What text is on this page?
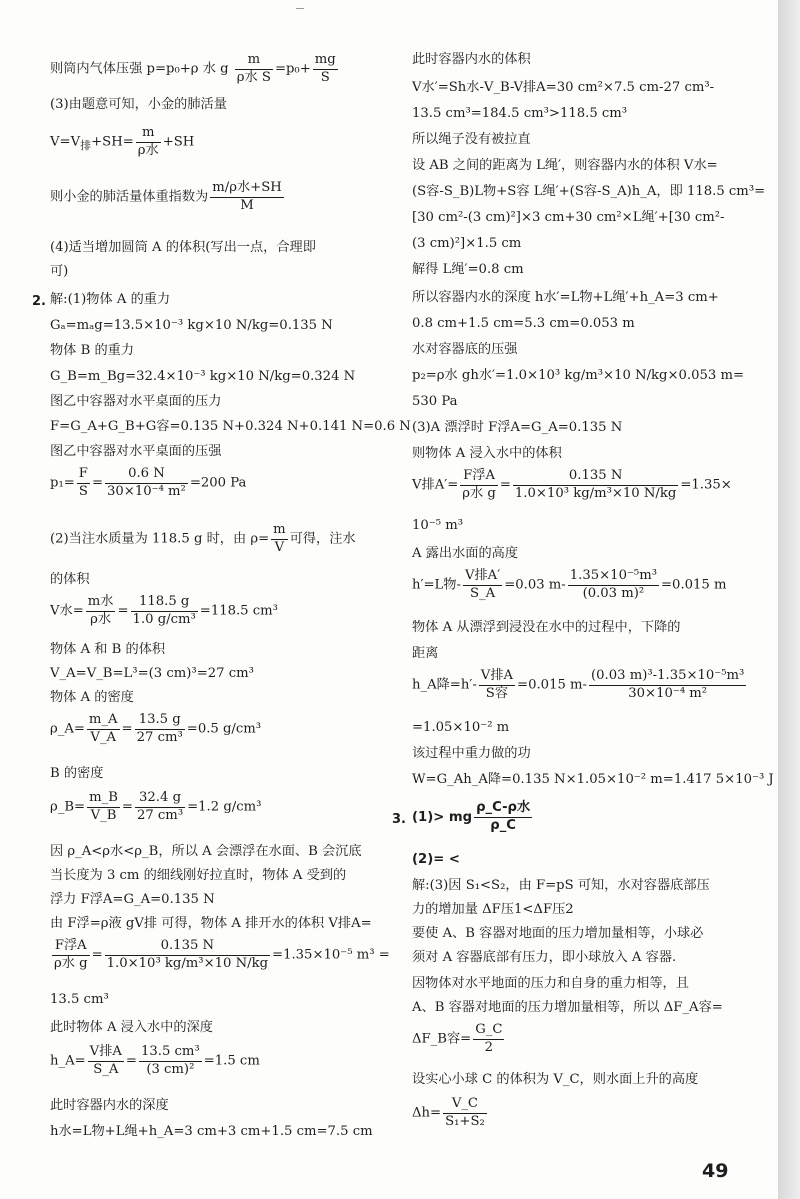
则筒内气体压强 p=p₀+ρ 水 g
m
ρ水 S
$=p_0+ \frac{mg}{S}$
(3)由题意可知，小金的肺活量
$V=V_排+SH=$
m
ρ水
+SH
则小金的肺活量体重指数为
m/ρ水+SH
M
(4)适当增加圆筒 A 的体积(写出一点，合理即
可)
2. 解:(1)物体 A 的重力
Gₐ=mₐg=13.5×10⁻³ kg×10 N/kg=0.135 N
物体 B 的重力
G_B=m_Bg=32.4×10⁻³ kg×10 N/kg=0.324 N
图乙中容器对水平桌面的压力
F=G_A+G_B+G容=0.135 N+0.324 N+0.141 N=0.6 N
图乙中容器对水平桌面的压强
$p_1= \frac{F}{S} = \frac{0.6 N}{\text{30×10⁻⁴ m²}} =200$ Pa
(2)当注水质量为 118.5 g 时，由 $\rho= \frac{m}{V}$ 可得，注水
的体积
V水=
m水
ρ水
= $\frac{118.5 g}{\text{1.0 g/cm³}} =118.5$ cm³
物体 A 和 B 的体积
V_A=V_B=L³=(3 cm)³=27 cm³
物体 A 的密度
ρ_A= $\frac{m\_A}{V\_A} = \frac{13.5 g}{\text{27 cm³}} =0.5$ g/cm³
B 的密度
ρ_B= $\frac{m\_B}{V\_B} = \frac{32.4 g}{\text{27 cm³}} =1.2$ g/cm³
因 ρ_A<ρ水<ρ_B，所以 A 会漂浮在水面、B 会沉底
当长度为 3 cm 的细线刚好拉直时，物体 A 受到的
浮力 F浮A=G_A=0.135 N
由 F浮=ρ液 gV排 可得，物体 A 排开水的体积 V排A=
F浮A
ρ水 g
= $\frac{0.135 N}{\text{1.0×10³ kg/m³×10 N/kg}} =1.35\times 10^{-5}$ m³ =
13.5 cm³
此时物体 A 浸入水中的深度
h_A=
V排A
S_A
= $\frac{\text{13.5 cm³}}{\text{(3 cm)²}} =1.5$ cm
此时容器内水的深度
h水=L物+L绳+h_A=3 cm+3 cm+1.5 cm=7.5 cm
此时容器内水的体积
V水′=Sh水-V_B-V排A=30 cm²×7.5 cm-27 cm³-
13.5 cm³=184.5 cm³>118.5 cm³
所以绳子没有被拉直
设 AB 之间的距离为 L绳′，则容器内水的体积 V水=
(S容-S_B)L物+S容 L绳′+(S容-S_A)h_A，即 118.5 cm³=
[30 cm²-(3 cm)²]×3 cm+30 cm²×L绳′+[30 cm²-
(3 cm)²]×1.5 cm
解得 L绳′=0.8 cm
所以容器内水的深度 h水′=L物+L绳′+h_A=3 cm+
0.8 cm+1.5 cm=5.3 cm=0.053 m
水对容器底的压强
p₂=ρ水 gh水′=1.0×10³ kg/m³×10 N/kg×0.053 m=
530 Pa
(3)A 漂浮时 F浮A=G_A=0.135 N
则物体 A 浸入水中的体积
V排A′=
F浮A
ρ水 g
= $\frac{0.135 N}{\text{1.0×10³ kg/m³×10 N/kg}} =1.35\times$
10⁻⁵ m³
A 露出水面的高度
h′=L物-
V排A′
S_A
=0.03 $m- \frac{\text{1.35×10⁻⁵m³}}{\text{(0.03 m)²}} =0.015$ m
物体 A 从漂浮到浸没在水中的过程中，下降的
距离
h_A降=h′-
V排A
S容
=0.015 $m- \frac{\text{(0.03 m)³-1.35×10⁻⁵m³}}{\text{30×10⁻⁴ m²}}$
=1.05×10⁻² m
该过程中重力做的功
W=G_Ah_A降=0.135 N×1.05×10⁻² m=1.417 5×10⁻³ J
3. (1)> mg
ρ_C-ρ水
ρ_C
(2)= <
解:(3)因 S₁<S₂，由 F=pS 可知，水对容器底部压
力的增加量 ΔF压1<ΔF压2
要使 A、B 容器对地面的压力增加量相等，小球必
须对 A 容器底部有压力，即小球放入 A 容器.
因物体对水平地面的压力和自身的重力相等，且
A、B 容器对地面的压力增加量相等，所以 ΔF_A容=
ΔF_B容= $\frac{G\_C}{2}$
设实心小球 C 的体积为 V_C，则水面上升的高度
$\Delta h= \frac{V\_C}{\text{S₁+S₂}}$
49
